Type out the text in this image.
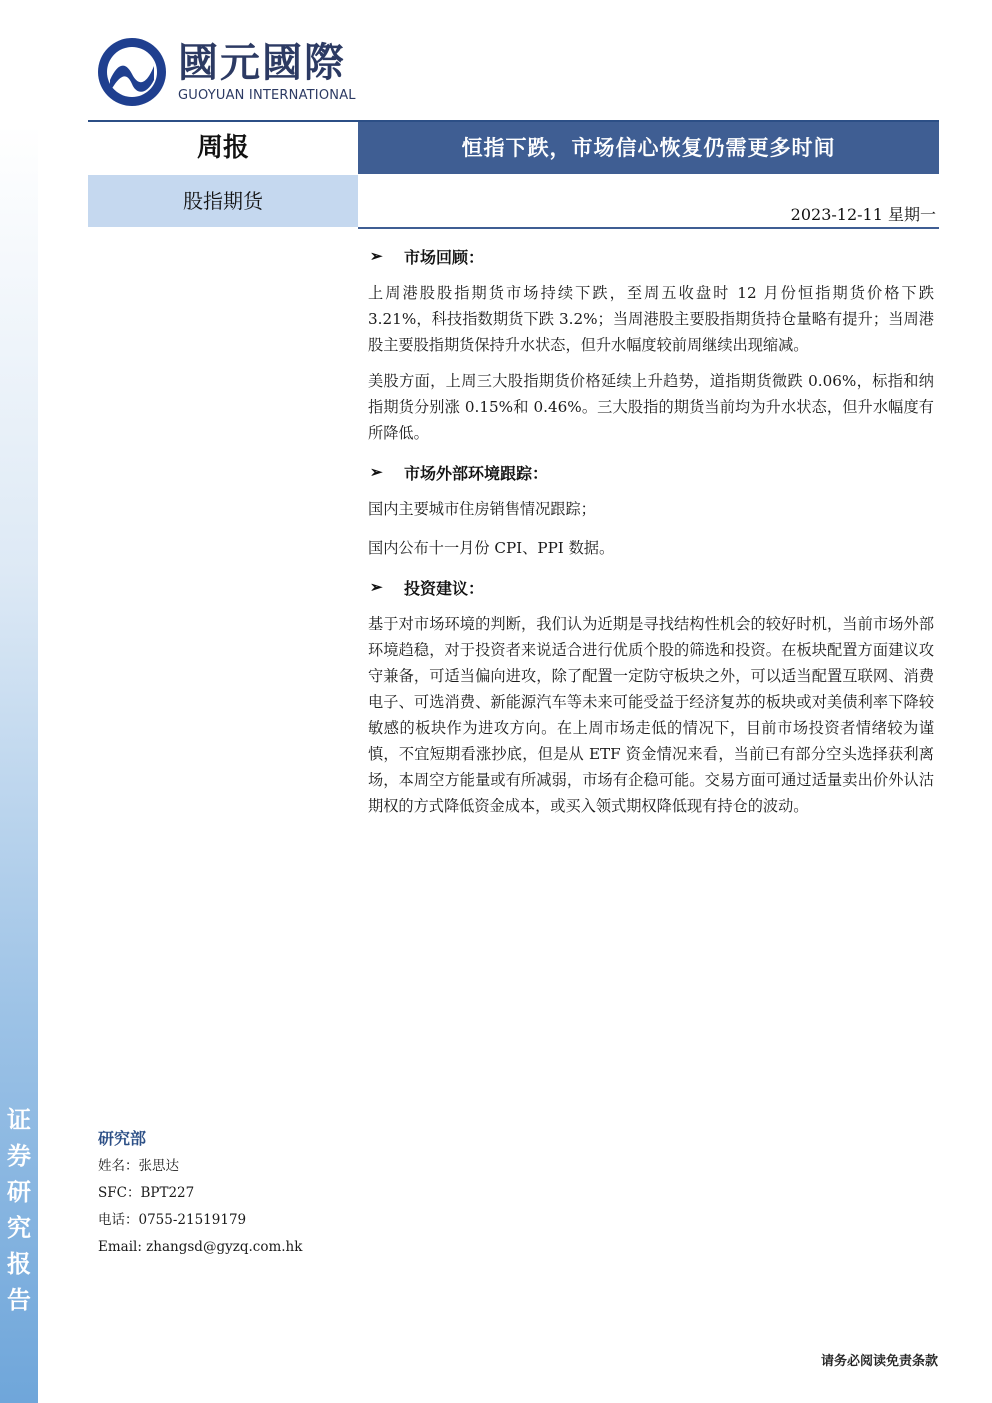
证
券
研
究
报
告
國元國際
GUOYUAN INTERNATIONAL
周报	恒指下跌，市场信心恢复仍需更多时间
股指期货
2023-12-11 星期一
➢	市场回顾：

上周港股股指期货市场持续下跌，至周五收盘时 12 月份恒指期货价格下跌 3.21%，科技指数期货下跌 3.2%；当周港股主要股指期货持仓量略有提升；当周港股主要股指期货保持升水状态，但升水幅度较前周继续出现缩减。

美股方面，上周三大股指期货价格延续上升趋势，道指期货微跌 0.06%，标指和纳指期货分别涨 0.15%和 0.46%。三大股指的期货当前均为升水状态，但升水幅度有所降低。

➢	市场外部环境跟踪：

国内主要城市住房销售情况跟踪；

国内公布十一月份 CPI、PPI 数据。

➢	投资建议：

基于对市场环境的判断，我们认为近期是寻找结构性机会的较好时机，当前市场外部环境趋稳，对于投资者来说适合进行优质个股的筛选和投资。在板块配置方面建议攻守兼备，可适当偏向进攻，除了配置一定防守板块之外，可以适当配置互联网、消费电子、可选消费、新能源汽车等未来可能受益于经济复苏的板块或对美债利率下降较敏感的板块作为进攻方向。在上周市场走低的情况下，目前市场投资者情绪较为谨慎，不宜短期看涨抄底，但是从 ETF 资金情况来看，当前已有部分空头选择获利离场，本周空方能量或有所减弱，市场有企稳可能。交易方面可通过适量卖出价外认沽期权的方式降低资金成本，或买入领式期权降低现有持仓的波动。

研究部
姓名：张思达
SFC：BPT227
电话：0755-21519179
Email: zhangsd@gyzq.com.hk
请务必阅读免责条款
